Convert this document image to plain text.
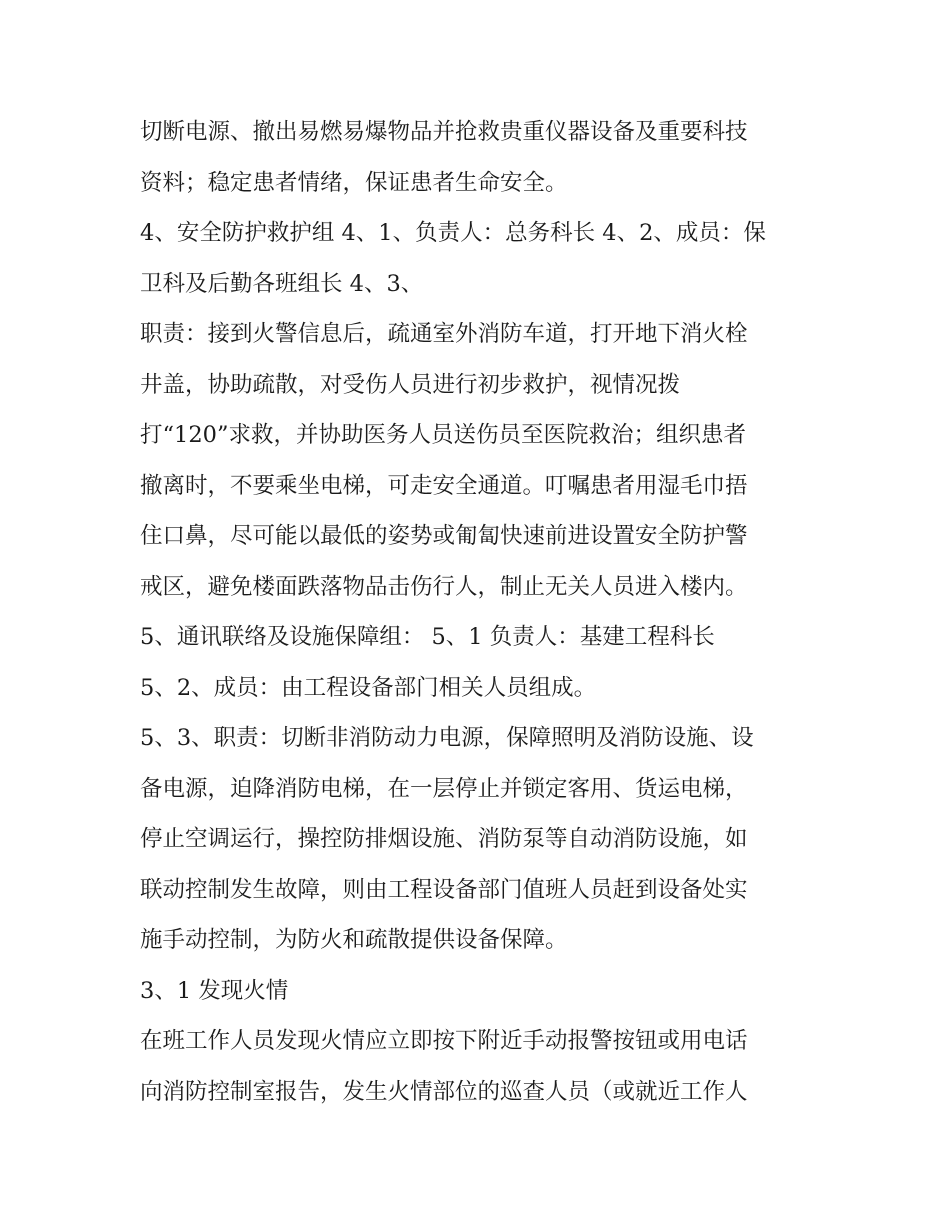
切断电源、撤出易燃易爆物品并抢救贵重仪器设备及重要科技
资料；稳定患者情绪，保证患者生命安全。
4、安全防护救护组 4、1、负责人：总务科长 4、2、成员：保
卫科及后勤各班组长 4、3、
职责：接到火警信息后，疏通室外消防车道，打开地下消火栓
井盖，协助疏散，对受伤人员进行初步救护，视情况拨
打“120”求救，并协助医务人员送伤员至医院救治；组织患者
撤离时，不要乘坐电梯，可走安全通道。叮嘱患者用湿毛巾捂
住口鼻，尽可能以最低的姿势或匍匐快速前进设置安全防护警
戒区，避免楼面跌落物品击伤行人，制止无关人员进入楼内。
5、通讯联络及设施保障组： 5、1 负责人：基建工程科长
5、2、成员：由工程设备部门相关人员组成。
5、3、职责：切断非消防动力电源，保障照明及消防设施、设
备电源，迫降消防电梯，在一层停止并锁定客用、货运电梯，
停止空调运行，操控防排烟设施、消防泵等自动消防设施，如
联动控制发生故障，则由工程设备部门值班人员赶到设备处实
施手动控制，为防火和疏散提供设备保障。
3、1 发现火情
在班工作人员发现火情应立即按下附近手动报警按钮或用电话
向消防控制室报告，发生火情部位的巡查人员（或就近工作人
